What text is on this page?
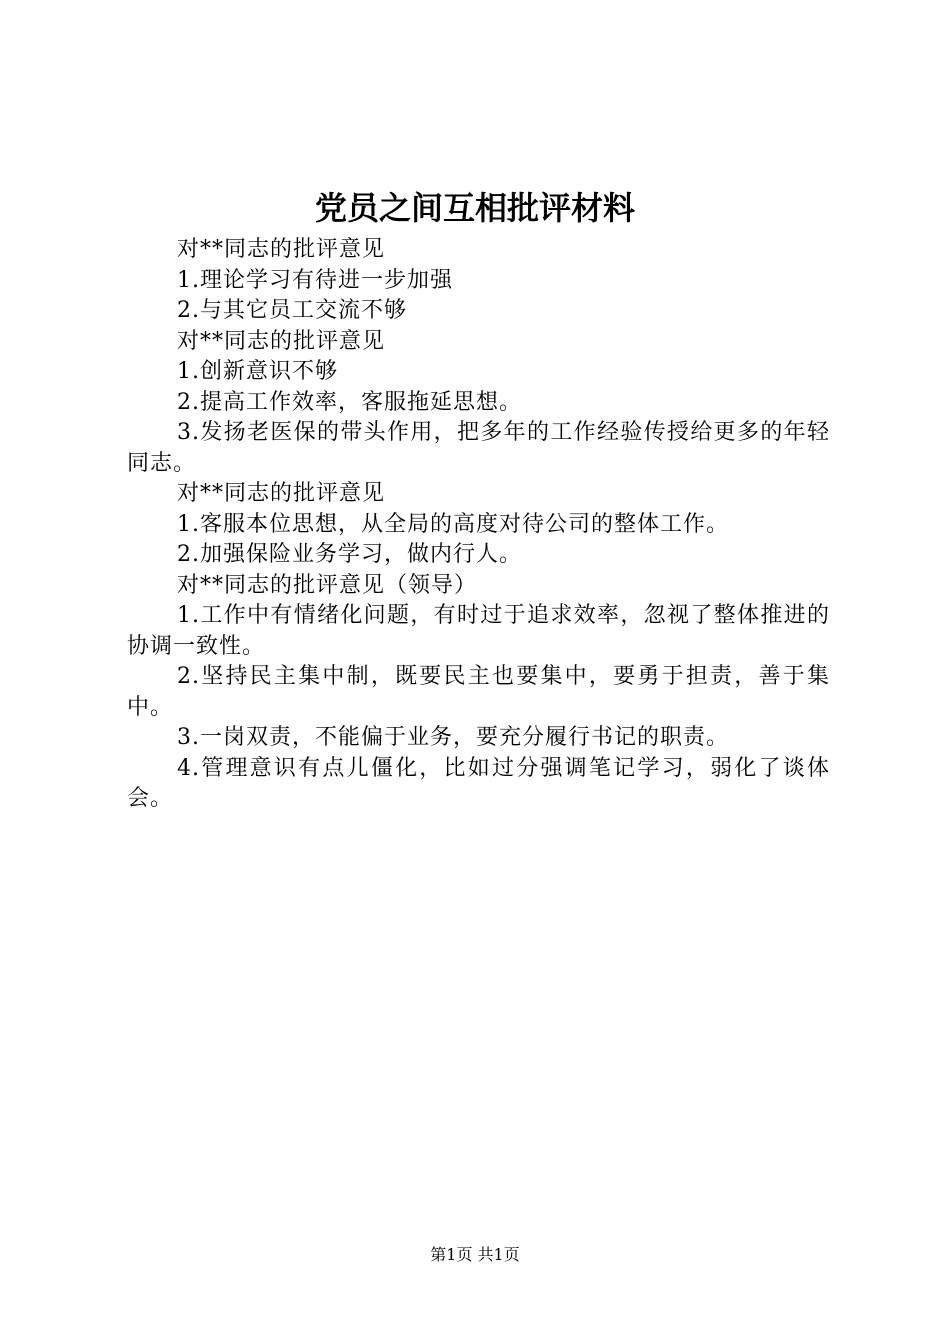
党员之间互相批评材料

对**同志的批评意见

1.理论学习有待进一步加强

2.与其它员工交流不够

对**同志的批评意见

1.创新意识不够

2.提高工作效率，客服拖延思想。

3.发扬老医保的带头作用，把多年的工作经验传授给更多的年轻同志。

对**同志的批评意见

1.客服本位思想，从全局的高度对待公司的整体工作。

2.加强保险业务学习，做内行人。

对**同志的批评意见（领导）

1.工作中有情绪化问题，有时过于追求效率，忽视了整体推进的协调一致性。

2.坚持民主集中制，既要民主也要集中，要勇于担责，善于集中。

3.一岗双责，不能偏于业务，要充分履行书记的职责。

4.管理意识有点儿僵化，比如过分强调笔记学习，弱化了谈体会。

第1页 共1页
